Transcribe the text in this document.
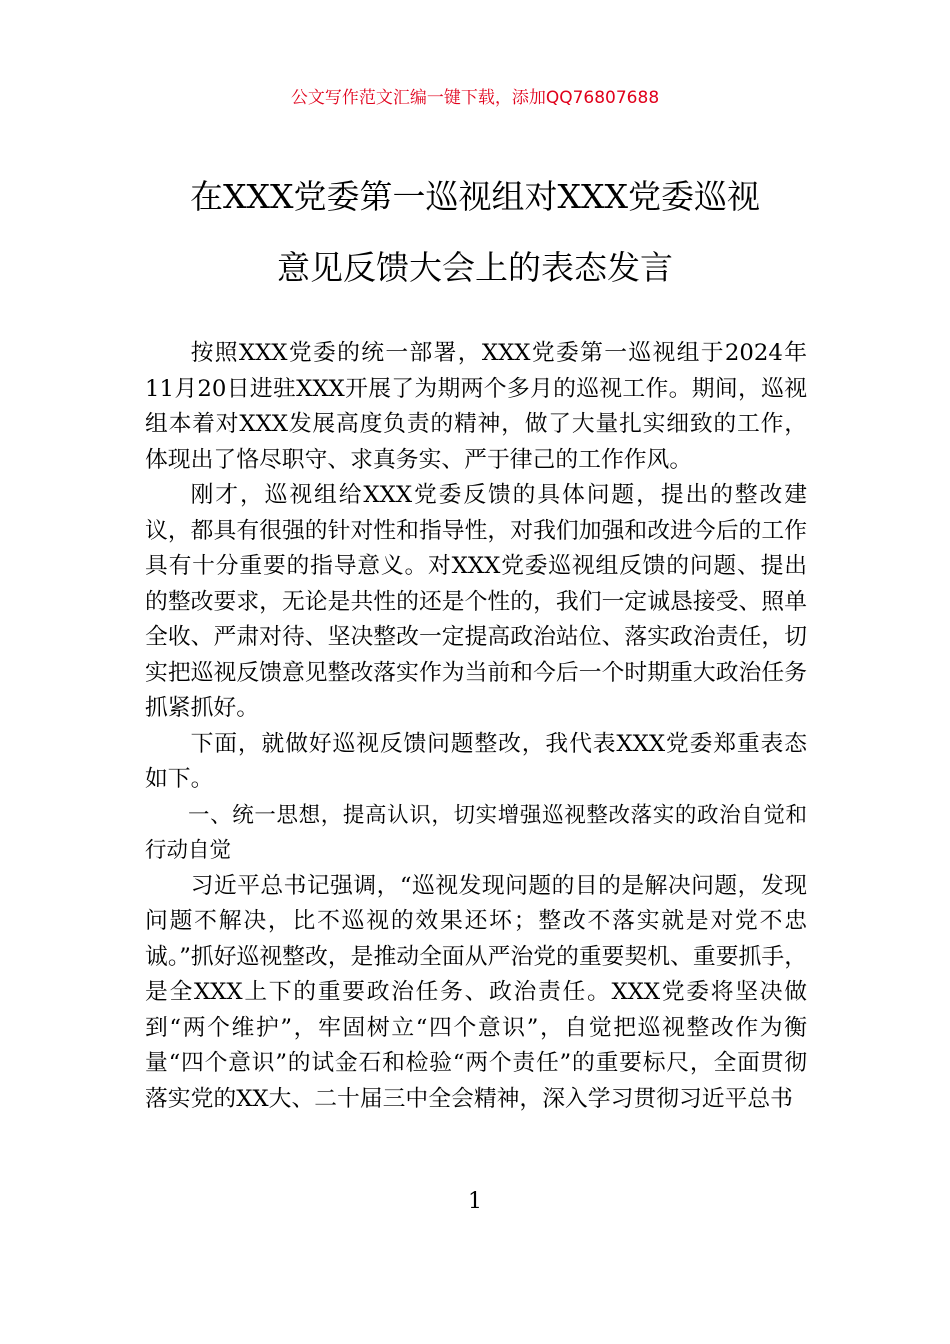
公文写作范文汇编一键下载，添加QQ76807688
在XXX党委第一巡视组对XXX党委巡视
意见反馈大会上的表态发言

按照XXX党委的统一部署，XXX党委第一巡视组于2024年11月20日进驻XXX开展了为期两个多月的巡视工作。期间，巡视组本着对XXX发展高度负责的精神，做了大量扎实细致的工作，体现出了恪尽职守、求真务实、严于律己的工作作风。

刚才，巡视组给XXX党委反馈的具体问题，提出的整改建议，都具有很强的针对性和指导性，对我们加强和改进今后的工作具有十分重要的指导意义。对XXX党委巡视组反馈的问题、提出的整改要求，无论是共性的还是个性的，我们一定诚恳接受、照单全收、严肃对待、坚决整改一定提高政治站位、落实政治责任，切实把巡视反馈意见整改落实作为当前和今后一个时期重大政治任务抓紧抓好。

下面，就做好巡视反馈问题整改，我代表XXX党委郑重表态如下。

一、统一思想，提高认识，切实增强巡视整改落实的政治自觉和行动自觉

习近平总书记强调，“巡视发现问题的目的是解决问题，发现问题不解决，比不巡视的效果还坏；整改不落实就是对党不忠诚。”抓好巡视整改，是推动全面从严治党的重要契机、重要抓手，是全XXX上下的重要政治任务、政治责任。XXX党委将坚决做到“两个维护”，牢固树立“四个意识”，自觉把巡视整改作为衡量“四个意识”的试金石和检验“两个责任”的重要标尺，全面贯彻落实党的XX大、二十届三中全会精神，深入学习贯彻习近平总书

1
